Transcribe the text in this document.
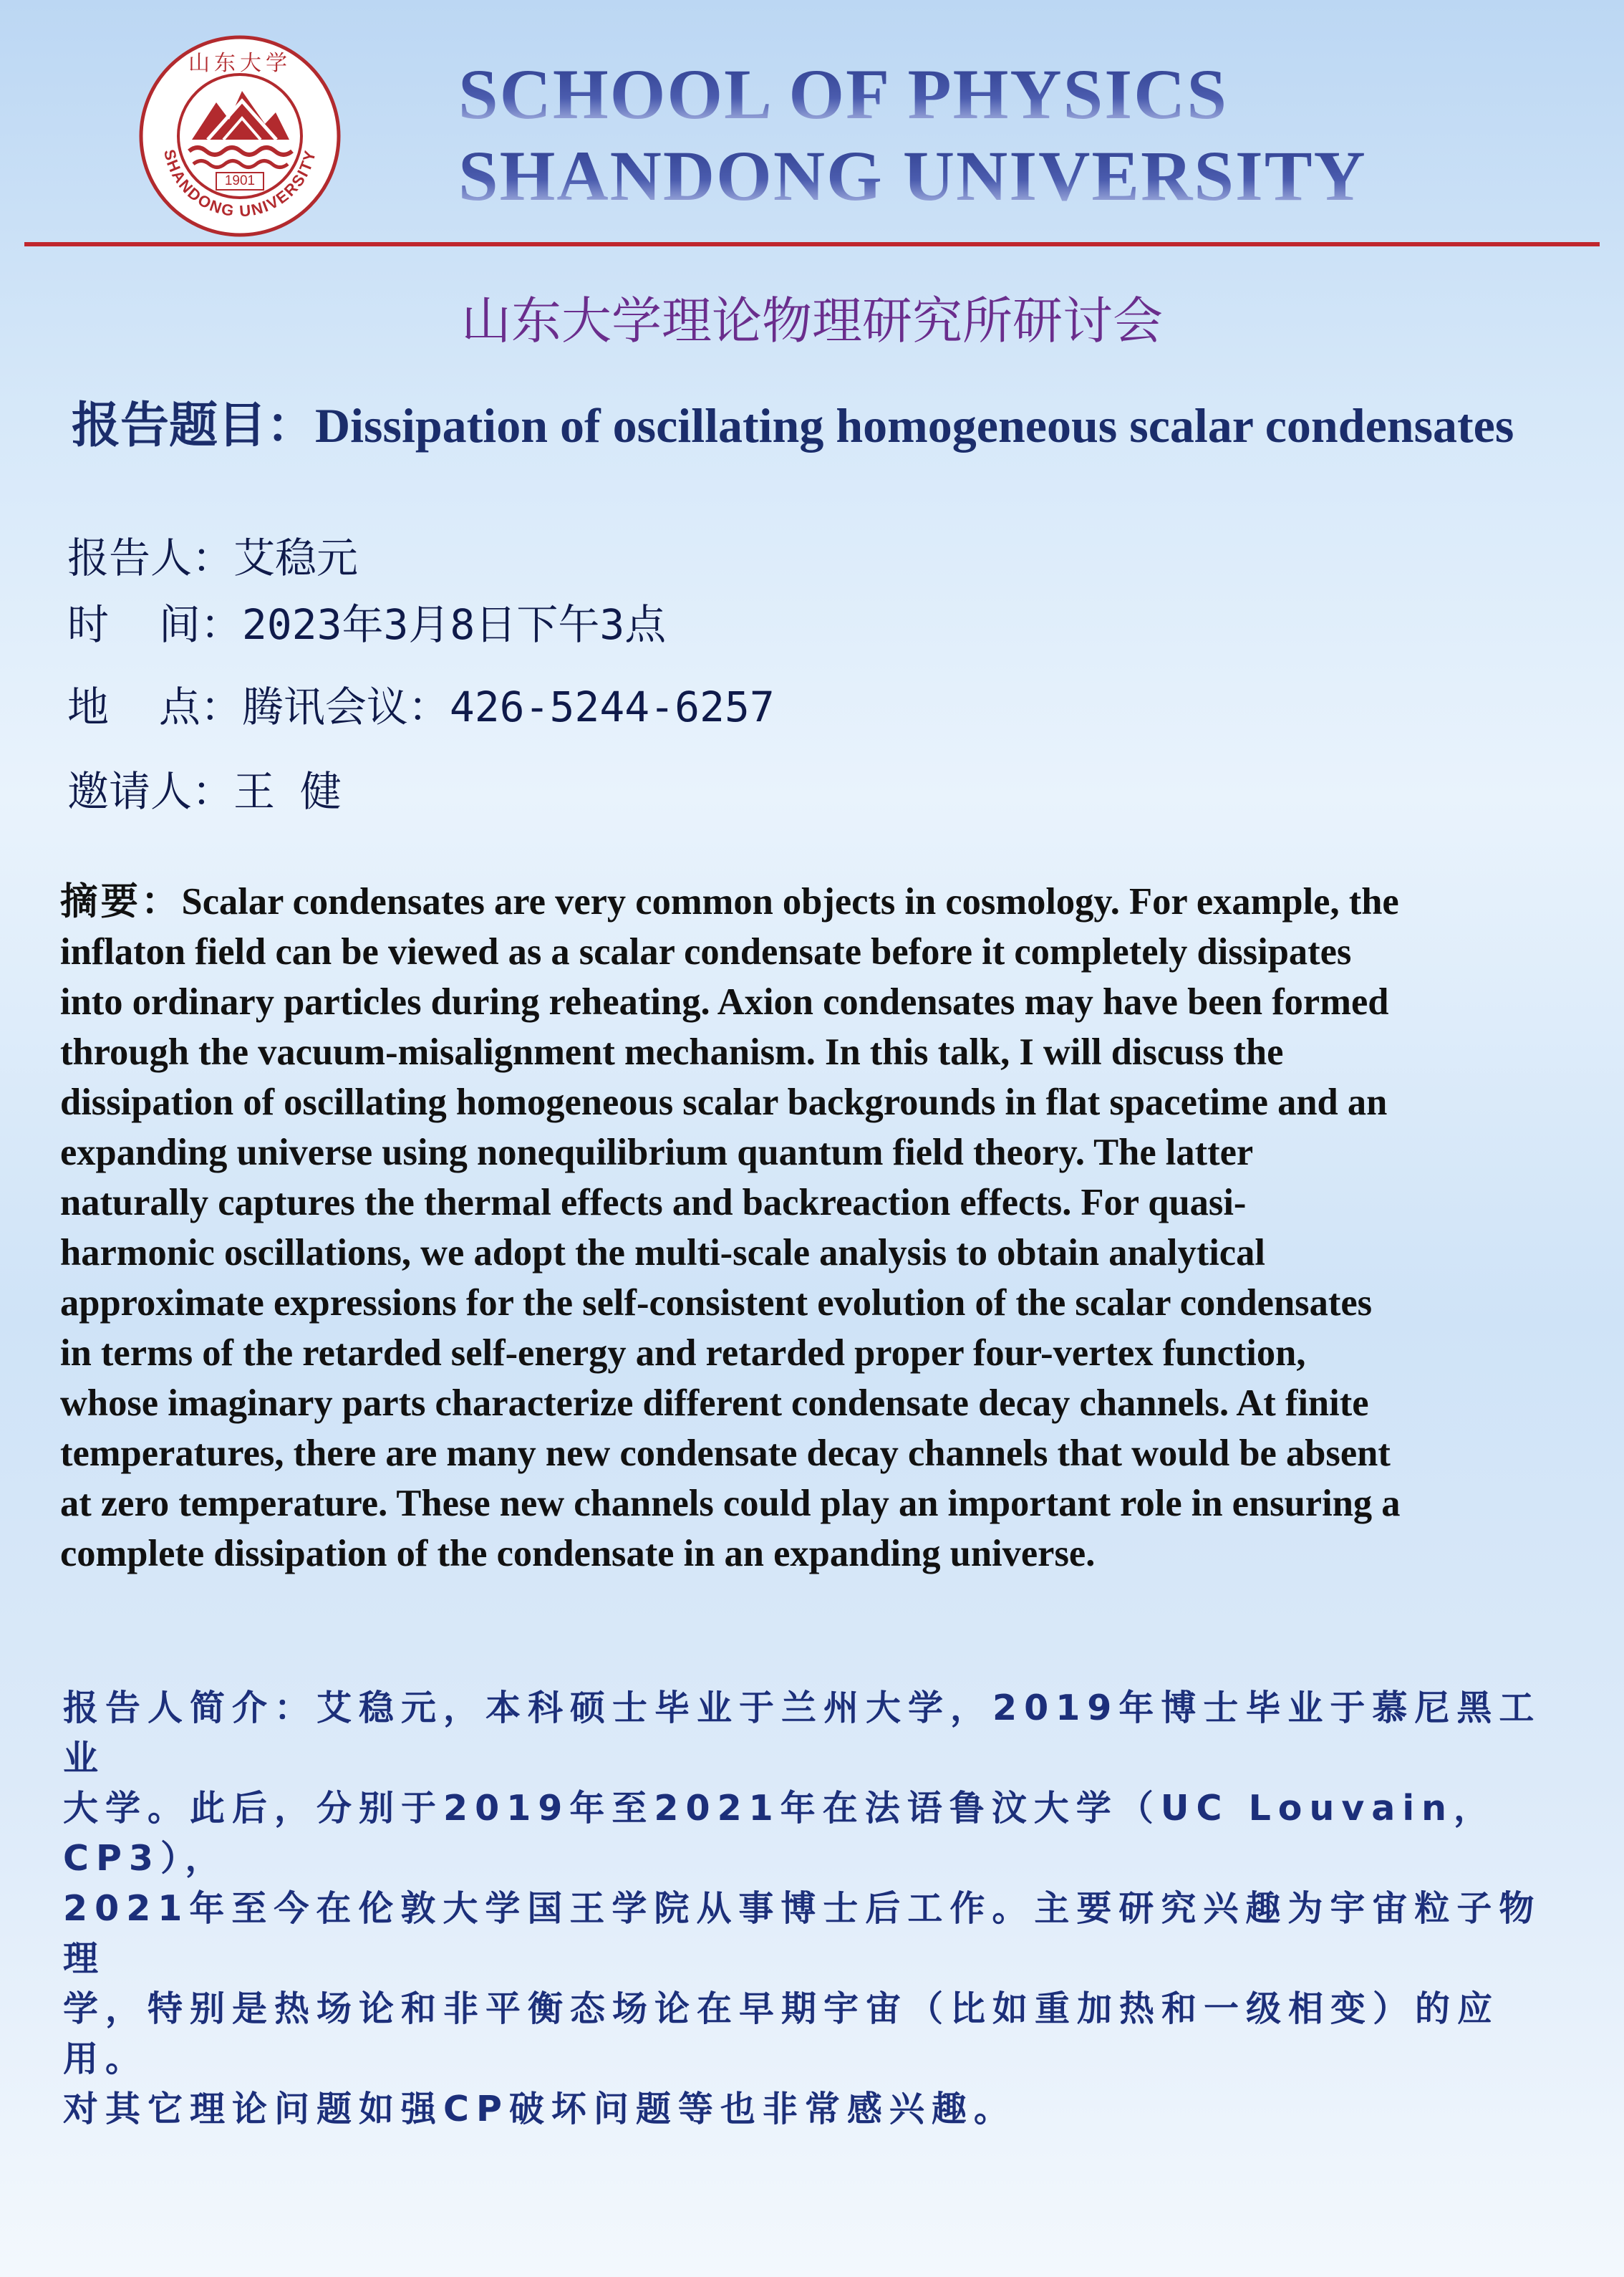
1901
山东大学
SHANDONG UNIVERSITY
SCHOOL OF PHYSICS
SHANDONG UNIVERSITY
山东大学理论物理研究所研讨会
报告题目：Dissipation of oscillating homogeneous scalar condensates
报告人：艾稳元
时  间：2023年3月8日下午3点
地  点：腾讯会议：426-5244-6257
邀请人：王 健
摘要：Scalar condensates are very common objects in cosmology. For example, the
inflaton field can be viewed as a scalar condensate before it completely dissipates
into ordinary particles during reheating. Axion condensates may have been formed
through the vacuum-misalignment mechanism. In this talk, I will discuss the
dissipation of oscillating homogeneous scalar backgrounds in flat spacetime and an
expanding universe using nonequilibrium quantum field theory. The latter
naturally captures the thermal effects and backreaction effects. For quasi-
harmonic oscillations, we adopt the multi-scale analysis to obtain analytical
approximate expressions for the self-consistent evolution of the scalar condensates
in terms of the retarded self-energy and retarded proper four-vertex function,
whose imaginary parts characterize different condensate decay channels. At finite
temperatures, there are many new condensate decay channels that would be absent
at zero temperature. These new channels could play an important role in ensuring a
complete dissipation of the condensate in an expanding universe.
报告人简介：艾稳元，本科硕士毕业于兰州大学，2019年博士毕业于慕尼黑工业
大学。此后，分别于2019年至2021年在法语鲁汶大学（UC Louvain，CP3），
2021年至今在伦敦大学国王学院从事博士后工作。主要研究兴趣为宇宙粒子物理
学，特别是热场论和非平衡态场论在早期宇宙（比如重加热和一级相变）的应用。
对其它理论问题如强CP破坏问题等也非常感兴趣。
